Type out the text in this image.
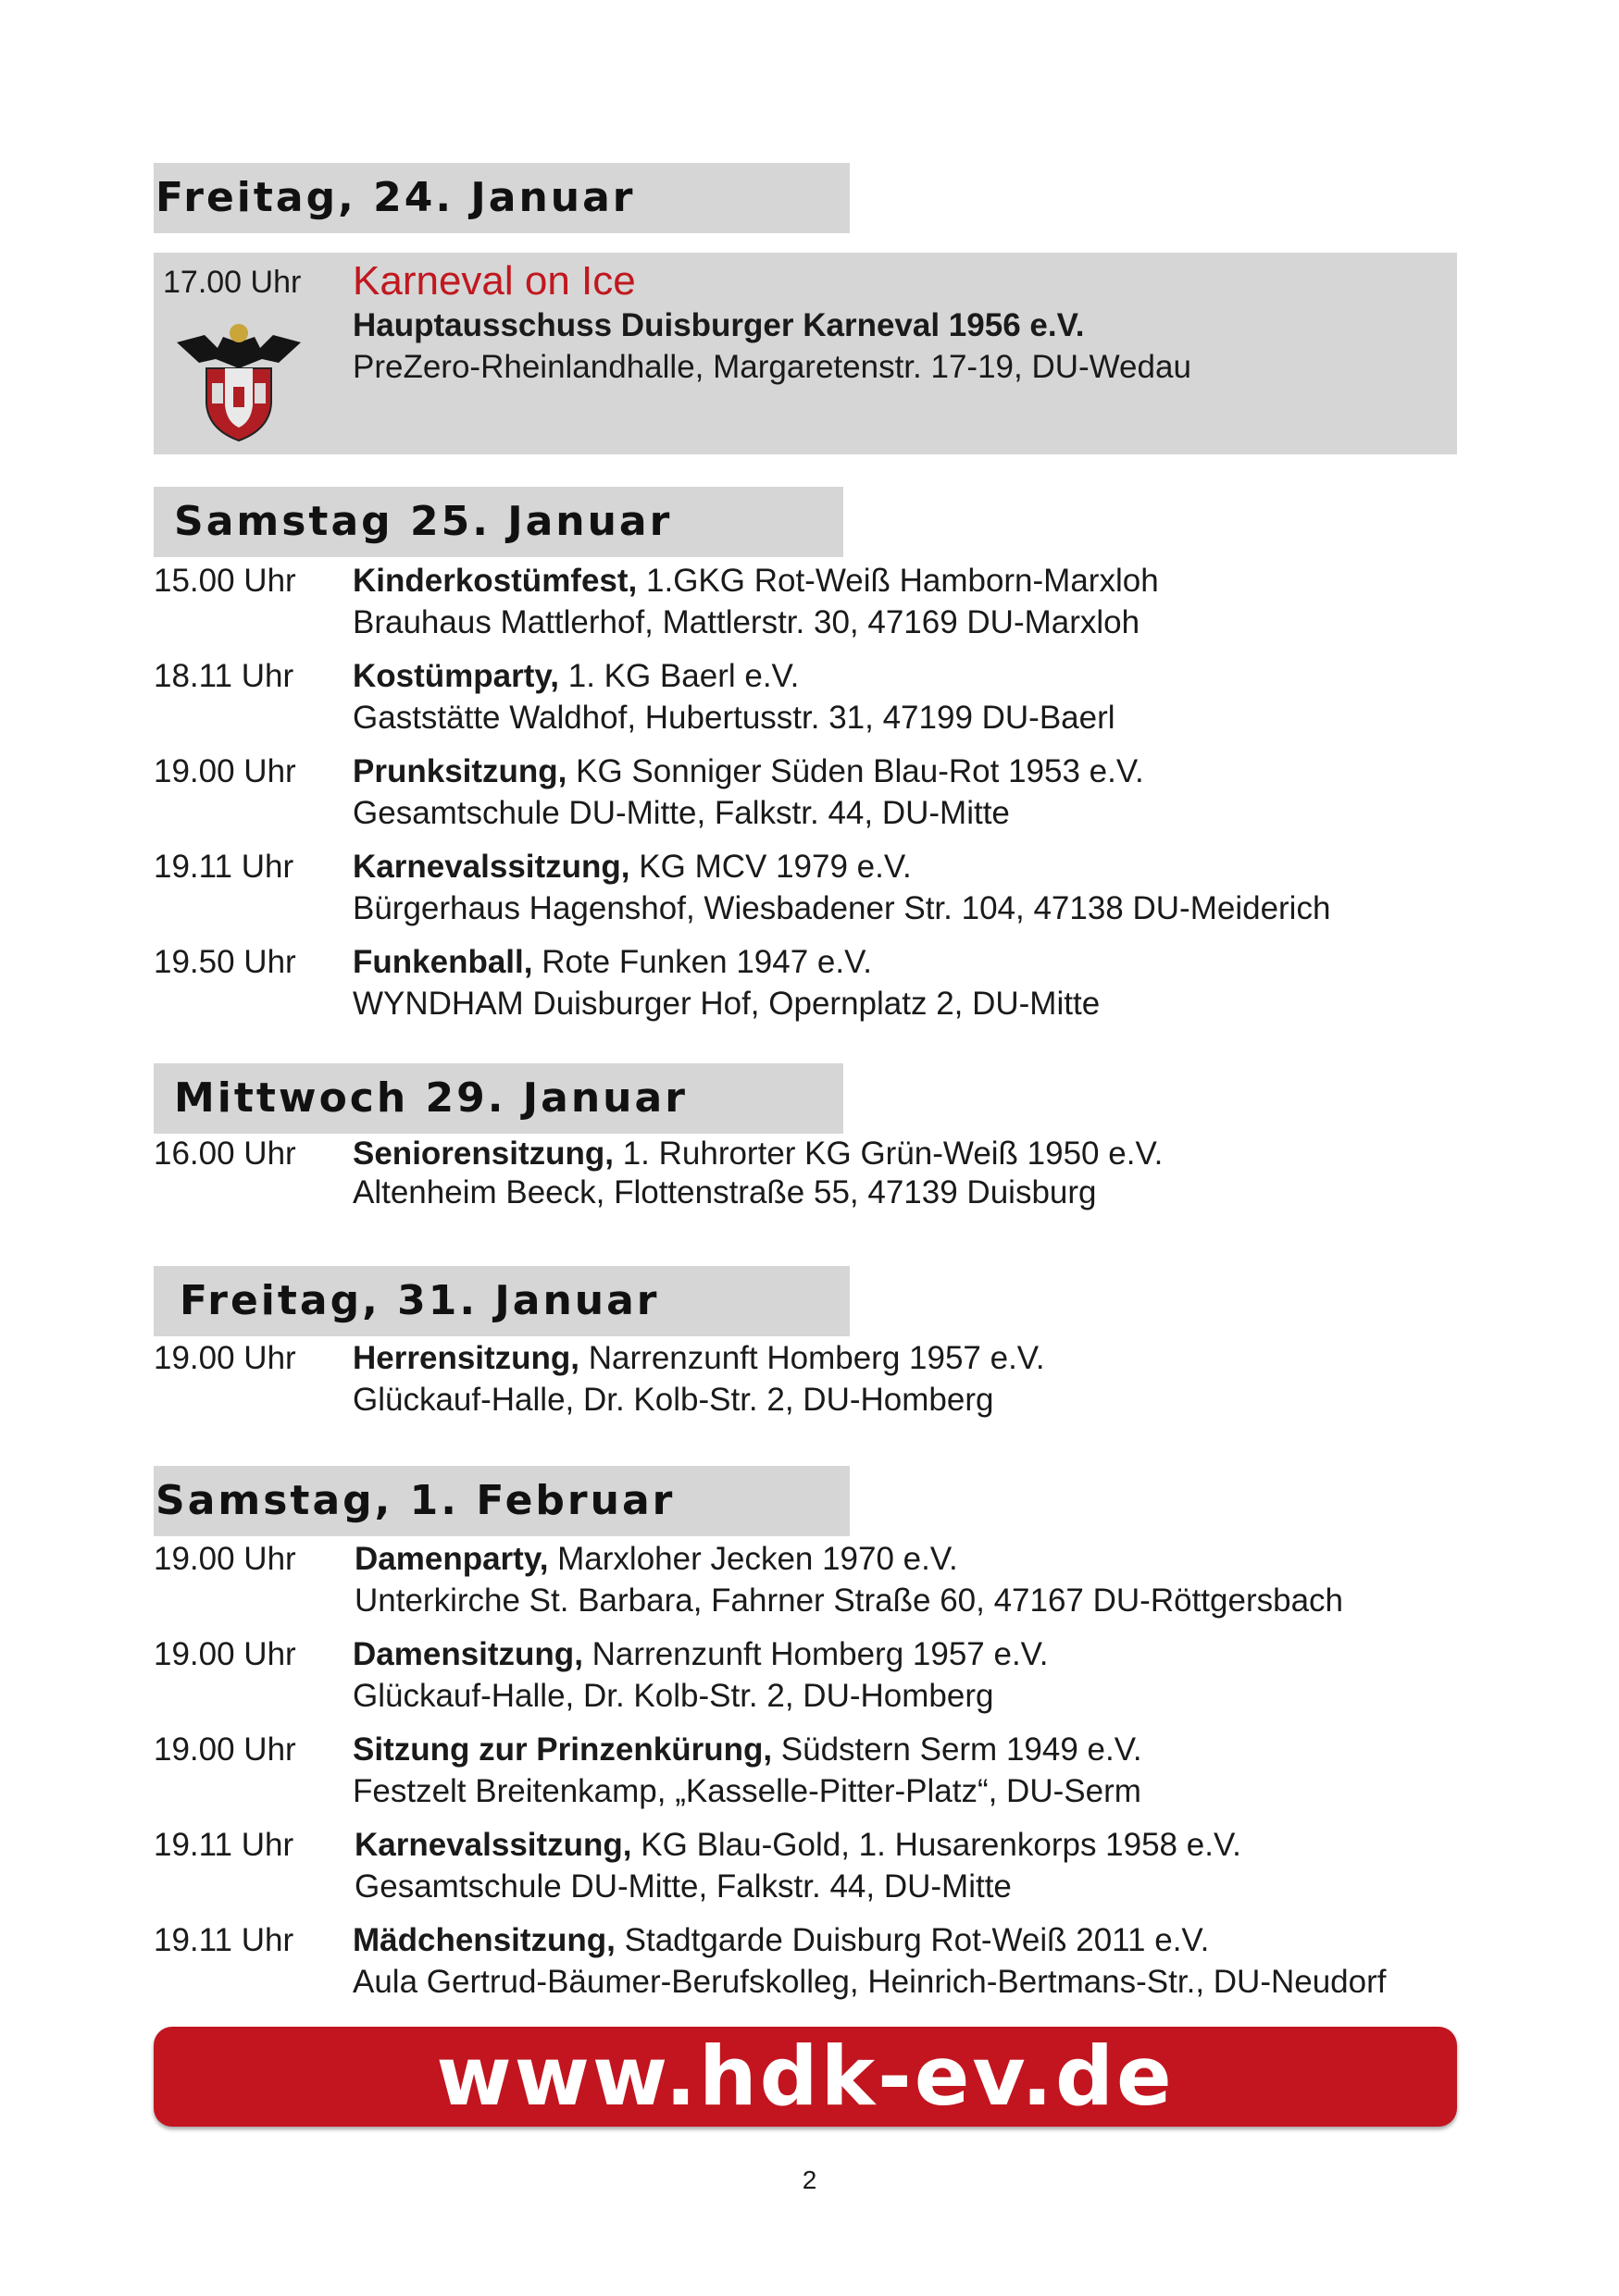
Freitag, 24. Januar
Samstag 25. Januar
Mittwoch 29. Januar
Freitag, 31. Januar
Samstag, 1. Februar
17.00 Uhr Karneval on Ice
Hauptausschuss Duisburger Karneval 1956 e.V.
PreZero-Rheinlandhalle, Margaretenstr. 17-19, DU-Wedau
15.00 Uhr Kinderkostümfest, 1.GKG Rot-Weiß Hamborn-Marxloh
Brauhaus Mattlerhof, Mattlerstr. 30, 47169 DU-Marxloh
18.11 Uhr Kostümparty, 1. KG Baerl e.V.
Gaststätte Waldhof, Hubertusstr. 31, 47199 DU-Baerl
19.00 Uhr Prunksitzung, KG Sonniger Süden Blau-Rot 1953 e.V.
Gesamtschule DU-Mitte, Falkstr. 44, DU-Mitte
19.11 Uhr Karnevalssitzung, KG MCV 1979 e.V.
Bürgerhaus Hagenshof, Wiesbadener Str. 104, 47138 DU-Meiderich
19.50 Uhr Funkenball, Rote Funken 1947 e.V.
WYNDHAM Duisburger Hof, Opernplatz 2, DU-Mitte
16.00 Uhr Seniorensitzung, 1. Ruhrorter KG Grün-Weiß 1950 e.V.
Altenheim Beeck, Flottenstraße 55, 47139 Duisburg
19.00 Uhr Herrensitzung, Narrenzunft Homberg 1957 e.V.
Glückauf-Halle, Dr. Kolb-Str. 2, DU-Homberg
19.00 Uhr Damenparty, Marxloher Jecken 1970 e.V.
Unterkirche St. Barbara, Fahrner Straße 60, 47167 DU-Röttgersbach
19.00 Uhr Damensitzung, Narrenzunft Homberg 1957 e.V.
Glückauf-Halle, Dr. Kolb-Str. 2, DU-Homberg
19.00 Uhr Sitzung zur Prinzenkürung, Südstern Serm 1949 e.V.
Festzelt Breitenkamp, „Kasselle-Pitter-Platz“, DU-Serm
19.11 Uhr Karnevalssitzung, KG Blau-Gold, 1. Husarenkorps 1958 e.V.
Gesamtschule DU-Mitte, Falkstr. 44, DU-Mitte
19.11 Uhr Mädchensitzung, Stadtgarde Duisburg Rot-Weiß 2011 e.V.
Aula Gertrud-Bäumer-Berufskolleg, Heinrich-Bertmans-Str., DU-Neudorf
www.hdk-ev.de
2
